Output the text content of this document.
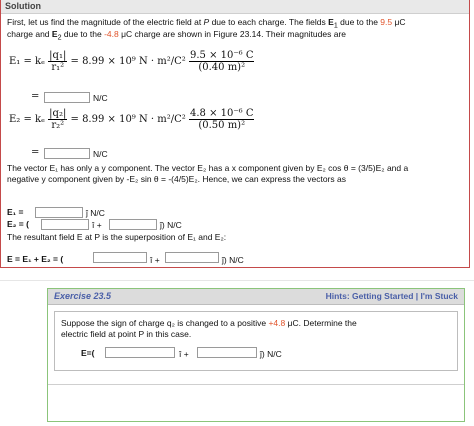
Solution
First, let us find the magnitude of the electric field at P due to each charge. The fields $E_1$ due to the 9.5 μC
charge and $E_2$ due to the -4.8 μC charge are shown in Figure 23.14. Their magnitudes are
E₁ = kₑ $\frac{\text{|q₁|}}{\text{r₁²}} = 8.99 \times 10^9$ $N \cdot m^2/C^2 \frac{\text{9.5 × 10⁻⁶ C}}{\text{(0.40 m)²}}$
=	N/C
E₂ = kₑ $\frac{\text{|q₂|}}{\text{r₂²}} = 8.99 \times 10^9$ $N \cdot m^2/C^2 \frac{\text{4.8 × 10⁻⁶ C}}{\text{(0.50 m)²}}$
=	N/C
The vector E₁ has only a y component. The vector E₂ has a x component given by E₂ cos θ = (3/5)E₂ and a
negative y component given by -E₂ sin θ = -(4/5)E₂. Hence, we can express the vectors as
E₁ =	ĵ N/C
E₂ = (	î +	ĵ) N/C
The resultant field E at P is the superposition of E₁ and E₂:
E = E₁ + E₂ = (	î +	ĵ) N/C
Exercise 23.5	Hints: Getting Started | I'm Stuck
Suppose the sign of charge q₂ is changed to a positive +4.8 μC. Determine the
electric field at point P in this case.
E=(	î +	ĵ) N/C
